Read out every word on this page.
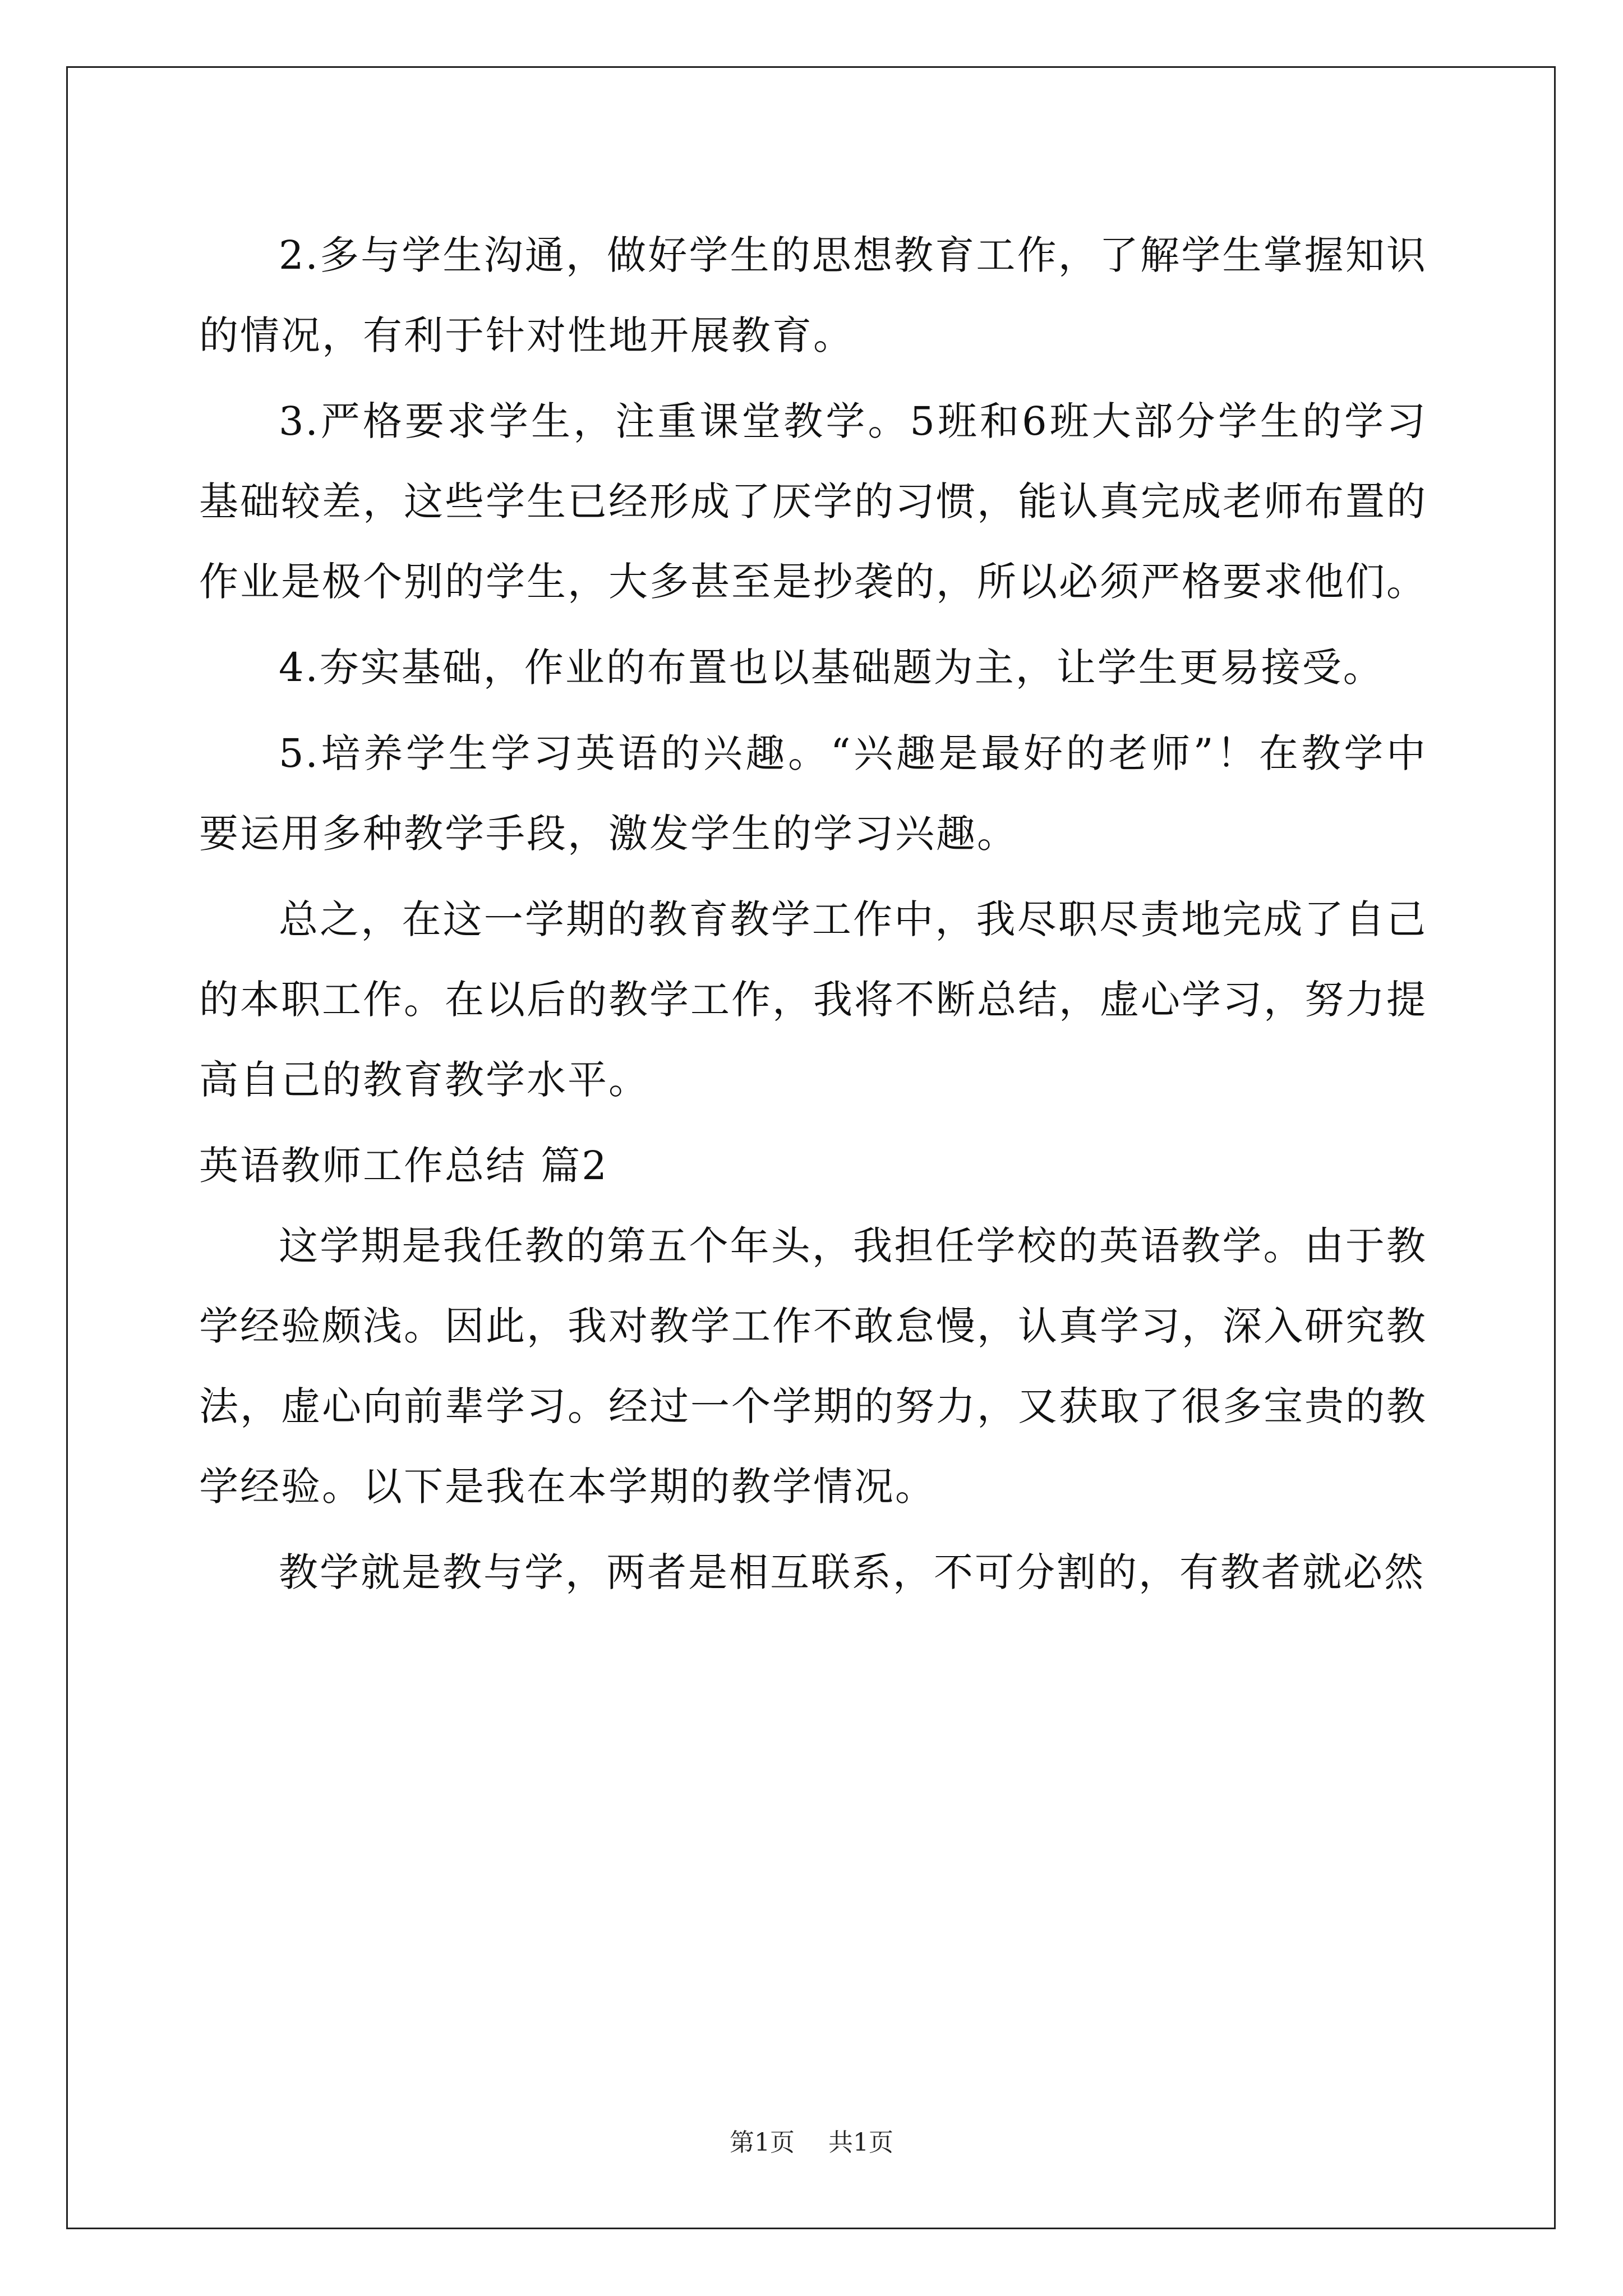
2.多与学生沟通，做好学生的思想教育工作，了解学生掌握知识的情况，有利于针对性地开展教育。

3.严格要求学生，注重课堂教学。5班和6班大部分学生的学习基础较差，这些学生已经形成了厌学的习惯，能认真完成老师布置的作业是极个别的学生，大多甚至是抄袭的，所以必须严格要求他们。

4.夯实基础，作业的布置也以基础题为主，让学生更易接受。

5.培养学生学习英语的兴趣。“兴趣是最好的老师”！在教学中要运用多种教学手段，激发学生的学习兴趣。

总之，在这一学期的教育教学工作中，我尽职尽责地完成了自己的本职工作。在以后的教学工作，我将不断总结，虚心学习，努力提高自己的教育教学水平。

英语教师工作总结 篇2

这学期是我任教的第五个年头，我担任学校的英语教学。由于教学经验颇浅。因此，我对教学工作不敢怠慢，认真学习，深入研究教法，虚心向前辈学习。经过一个学期的努力，又获取了很多宝贵的教学经验。以下是我在本学期的教学情况。

教学就是教与学，两者是相互联系，不可分割的，有教者就必然

第1页 共1页
